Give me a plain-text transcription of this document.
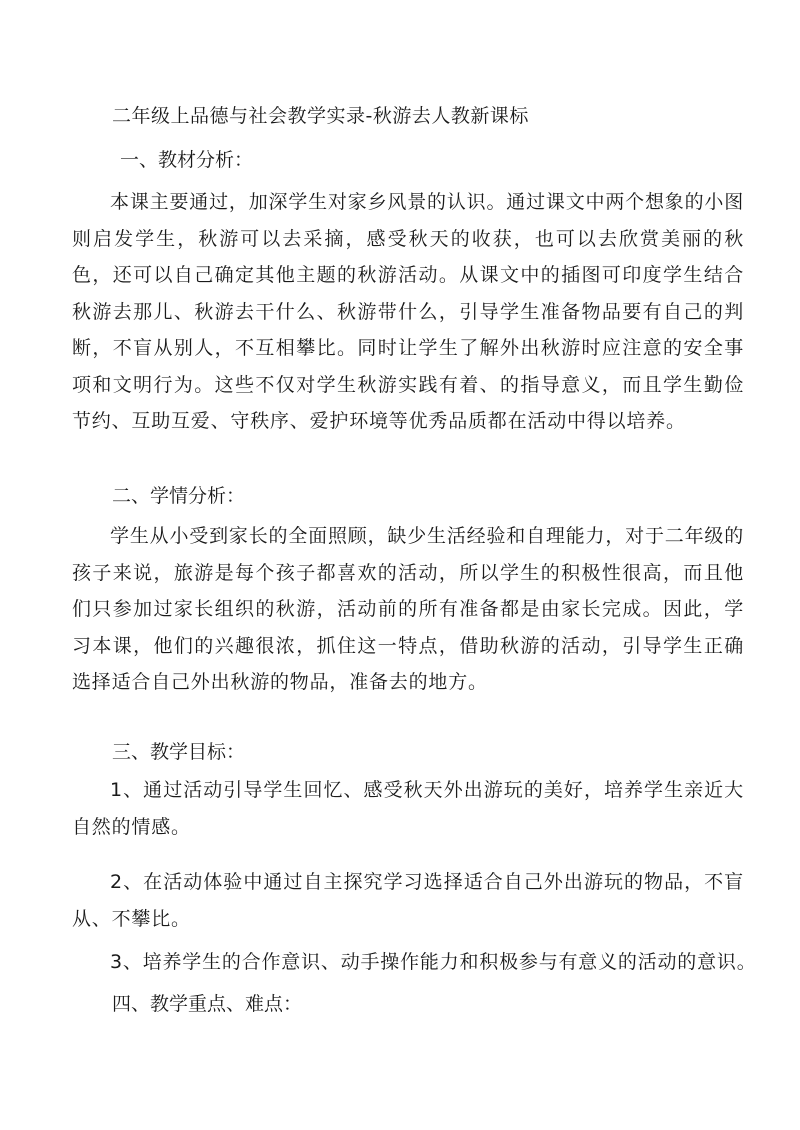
二年级上品德与社会教学实录-秋游去人教新课标
一、教材分析：

本课主要通过，加深学生对家乡风景的认识。通过课文中两个想象的小图则启发学生，秋游可以去采摘，感受秋天的收获，也可以去欣赏美丽的秋色，还可以自己确定其他主题的秋游活动。从课文中的插图可印度学生结合秋游去那儿、秋游去干什么、秋游带什么，引导学生准备物品要有自己的判断，不盲从别人，不互相攀比。同时让学生了解外出秋游时应注意的安全事项和文明行为。这些不仅对学生秋游实践有着、的指导意义，而且学生勤俭节约、互助互爱、守秩序、爱护环境等优秀品质都在活动中得以培养。

二、学情分析：

学生从小受到家长的全面照顾，缺少生活经验和自理能力，对于二年级的孩子来说，旅游是每个孩子都喜欢的活动，所以学生的积极性很高，而且他们只参加过家长组织的秋游，活动前的所有准备都是由家长完成。因此，学习本课，他们的兴趣很浓，抓住这一特点，借助秋游的活动，引导学生正确选择适合自己外出秋游的物品，准备去的地方。

三、教学目标：

1、通过活动引导学生回忆、感受秋天外出游玩的美好，培养学生亲近大自然的情感。

2、在活动体验中通过自主探究学习选择适合自己外出游玩的物品，不盲从、不攀比。

3、培养学生的合作意识、动手操作能力和积极参与有意义的活动的意识。
四、教学重点、难点：
